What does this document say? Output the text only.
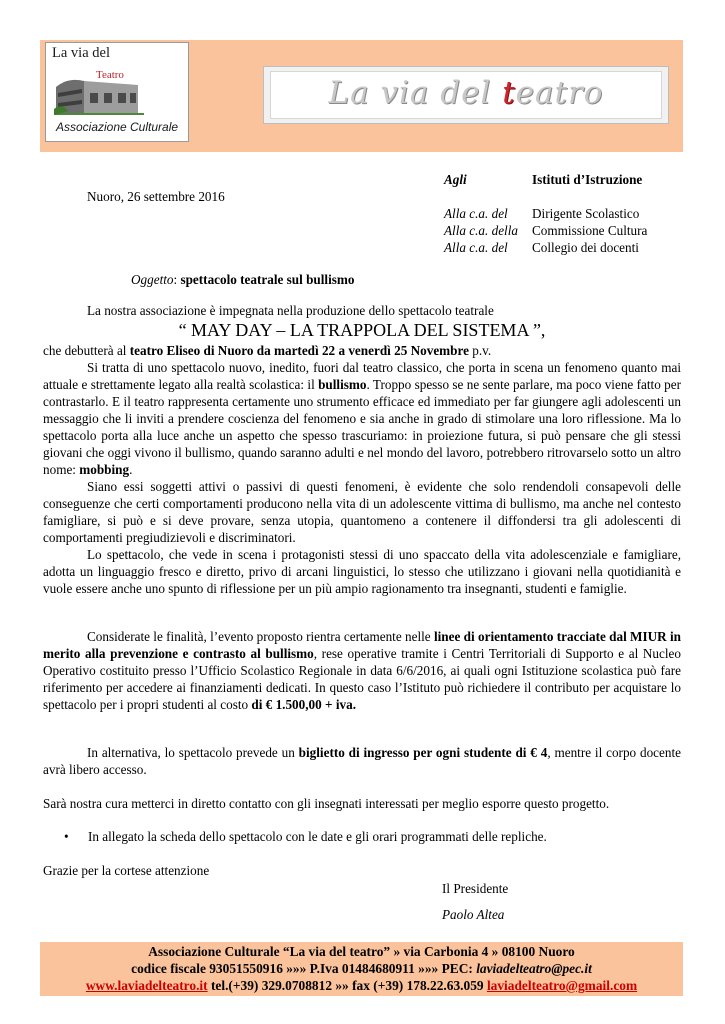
La via del
Teatro
Associazione Culturale
La via del teatro
Agli	Istituti d’Istruzione
Nuoro, 26 settembre 2016
Alla c.a. del Dirigente Scolastico
Alla c.a. della Commissione Cultura
Alla c.a. del Collegio dei docenti
Oggetto: spettacolo teatrale sul bullismo
La nostra associazione è impegnata nella produzione dello spettacolo teatrale
“ MAY DAY – LA TRAPPOLA DEL SISTEMA ”,
che debutterà al teatro Eliseo di Nuoro da martedì 22 a venerdì 25 Novembre p.v.
Si tratta di uno spettacolo nuovo, inedito, fuori dal teatro classico, che porta in scena un fenomeno quanto mai attuale e strettamente legato alla realtà scolastica: il bullismo. Troppo spesso se ne sente parlare, ma poco viene fatto per contrastarlo. E il teatro rappresenta certamente uno strumento efficace ed immediato per far giungere agli adolescenti un messaggio che li inviti a prendere coscienza del fenomeno e sia anche in grado di stimolare una loro riflessione. Ma lo spettacolo porta alla luce anche un aspetto che spesso trascuriamo: in proiezione futura, si può pensare che gli stessi giovani che oggi vivono il bullismo, quando saranno adulti e nel mondo del lavoro, potrebbero ritrovarselo sotto un altro nome: mobbing.
Siano essi soggetti attivi o passivi di questi fenomeni, è evidente che solo rendendoli consapevoli delle conseguenze che certi comportamenti producono nella vita di un adolescente vittima di bullismo, ma anche nel contesto famigliare, si può e si deve provare, senza utopia, quantomeno a contenere il diffondersi tra gli adolescenti di comportamenti pregiudizievoli e discriminatori.
Lo spettacolo, che vede in scena i protagonisti stessi di uno spaccato della vita adolescenziale e famigliare, adotta un linguaggio fresco e diretto, privo di arcani linguistici, lo stesso che utilizzano i giovani nella quotidianità e vuole essere anche uno spunto di riflessione per un più ampio ragionamento tra insegnanti, studenti e famiglie.
Considerate le finalità, l’evento proposto rientra certamente nelle linee di orientamento tracciate dal MIUR in merito alla prevenzione e contrasto al bullismo, rese operative tramite i Centri Territoriali di Supporto e al Nucleo Operativo costituito presso l’Ufficio Scolastico Regionale in data 6/6/2016, ai quali ogni Istituzione scolastica può fare riferimento per accedere ai finanziamenti dedicati. In questo caso l’Istituto può richiedere il contributo per acquistare lo spettacolo per i propri studenti al costo di € 1.500,00 + iva.
In alternativa, lo spettacolo prevede un biglietto di ingresso per ogni studente di € 4, mentre il corpo docente avrà libero accesso.
Sarà nostra cura metterci in diretto contatto con gli insegnati interessati per meglio esporre questo progetto.
• In allegato la scheda dello spettacolo con le date e gli orari programmati delle repliche.
Grazie per la cortese attenzione
Il Presidente
Paolo Altea
Associazione Culturale “La via del teatro” » via Carbonia 4 » 08100 Nuoro
codice fiscale 93051550916 »»» P.Iva 01484680911 »»» PEC: laviadelteatro@pec.it
www.laviadelteatro.it tel.(+39) 329.0708812 »» fax (+39) 178.22.63.059 laviadelteatro@gmail.com
